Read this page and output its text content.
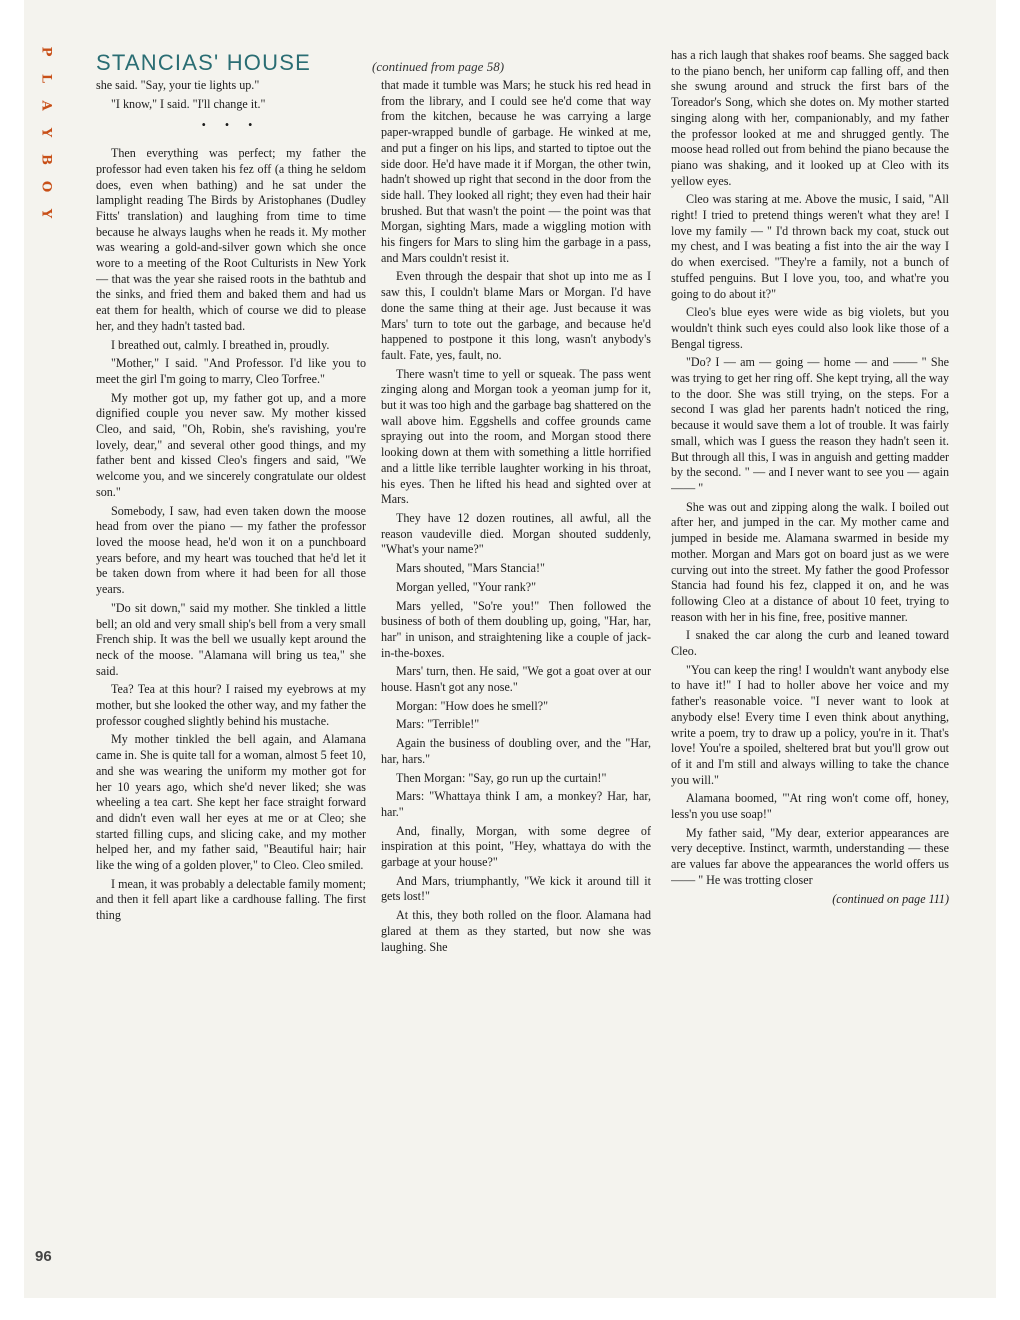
P
L
A
Y
B
O
Y
96
STANCIAS' HOUSE	(continued from page 58)

she said. "Say, your tie lights up."

"I know," I said. "I'll change it."

• • •

Then everything was perfect; my father the professor had even taken his fez off (a thing he seldom does, even when bathing) and he sat under the lamplight reading The Birds by Aristophanes (Dudley Fitts' translation) and laughing from time to time because he always laughs when he reads it. My mother was wearing a gold-and-silver gown which she once wore to a meeting of the Root Culturists in New York — that was the year she raised roots in the bathtub and the sinks, and fried them and baked them and had us eat them for health, which of course we did to please her, and they hadn't tasted bad.

I breathed out, calmly. I breathed in, proudly.

"Mother," I said. "And Professor. I'd like you to meet the girl I'm going to marry, Cleo Torfree."

My mother got up, my father got up, and a more dignified couple you never saw. My mother kissed Cleo, and said, "Oh, Robin, she's ravishing, you're lovely, dear," and several other good things, and my father bent and kissed Cleo's fingers and said, "We welcome you, and we sincerely congratulate our oldest son."

Somebody, I saw, had even taken down the moose head from over the piano — my father the professor loved the moose head, he'd won it on a punchboard years before, and my heart was touched that he'd let it be taken down from where it had been for all those years.

"Do sit down," said my mother. She tinkled a little bell; an old and very small ship's bell from a very small French ship. It was the bell we usually kept around the neck of the moose. "Alamana will bring us tea," she said.

Tea? Tea at this hour? I raised my eyebrows at my mother, but she looked the other way, and my father the professor coughed slightly behind his mustache.

My mother tinkled the bell again, and Alamana came in. She is quite tall for a woman, almost 5 feet 10, and she was wearing the uniform my mother got for her 10 years ago, which she'd never liked; she was wheeling a tea cart. She kept her face straight forward and didn't even wall her eyes at me or at Cleo; she started filling cups, and slicing cake, and my mother helped her, and my father said, "Beautiful hair; hair like the wing of a golden plover," to Cleo. Cleo smiled.

I mean, it was probably a delectable family moment; and then it fell apart like a cardhouse falling. The first thing

that made it tumble was Mars; he stuck his red head in from the library, and I could see he'd come that way from the kitchen, because he was carrying a large paper-wrapped bundle of garbage. He winked at me, and put a finger on his lips, and started to tiptoe out the side door. He'd have made it if Morgan, the other twin, hadn't showed up right that second in the door from the side hall. They looked all right; they even had their hair brushed. But that wasn't the point — the point was that Morgan, sighting Mars, made a wiggling motion with his fingers for Mars to sling him the garbage in a pass, and Mars couldn't resist it.

Even through the despair that shot up into me as I saw this, I couldn't blame Mars or Morgan. I'd have done the same thing at their age. Just because it was Mars' turn to tote out the garbage, and because he'd happened to postpone it this long, wasn't anybody's fault. Fate, yes, fault, no.

There wasn't time to yell or squeak. The pass went zinging along and Morgan took a yeoman jump for it, but it was too high and the garbage bag shattered on the wall above him. Eggshells and coffee grounds came spraying out into the room, and Morgan stood there looking down at them with something a little horrified and a little like terrible laughter working in his throat, his eyes. Then he lifted his head and sighted over at Mars.

They have 12 dozen routines, all awful, all the reason vaudeville died. Morgan shouted suddenly, "What's your name?"

Mars shouted, "Mars Stancia!"

Morgan yelled, "Your rank?"

Mars yelled, "So're you!" Then followed the business of both of them doubling up, going, "Har, har, har" in unison, and straightening like a couple of jack-in-the-boxes.

Mars' turn, then. He said, "We got a goat over at our house. Hasn't got any nose."

Morgan: "How does he smell?"

Mars: "Terrible!"

Again the business of doubling over, and the "Har, har, hars."

Then Morgan: "Say, go run up the curtain!"

Mars: "Whattaya think I am, a monkey? Har, har, har."

And, finally, Morgan, with some degree of inspiration at this point, "Hey, whattaya do with the garbage at your house?"

And Mars, triumphantly, "We kick it around till it gets lost!"

At this, they both rolled on the floor. Alamana had glared at them as they started, but now she was laughing. She

has a rich laugh that shakes roof beams. She sagged back to the piano bench, her uniform cap falling off, and then she swung around and struck the first bars of the Toreador's Song, which she dotes on. My mother started singing along with her, companionably, and my father the professor looked at me and shrugged gently. The moose head rolled out from behind the piano because the piano was shaking, and it looked up at Cleo with its yellow eyes.

Cleo was staring at me. Above the music, I said, "All right! I tried to pretend things weren't what they are! I love my family — " I'd thrown back my coat, stuck out my chest, and I was beating a fist into the air the way I do when exercised. "They're a family, not a bunch of stuffed penguins. But I love you, too, and what're you going to do about it?"

Cleo's blue eyes were wide as big violets, but you wouldn't think such eyes could also look like those of a Bengal tigress.

"Do? I — am — going — home — and —— " She was trying to get her ring off. She kept trying, all the way to the door. She was still trying, on the steps. For a second I was glad her parents hadn't noticed the ring, because it would save them a lot of trouble. It was fairly small, which was I guess the reason they hadn't seen it. But through all this, I was in anguish and getting madder by the second. " — and I never want to see you — again —— "

She was out and zipping along the walk. I boiled out after her, and jumped in the car. My mother came and jumped in beside me. Alamana swarmed in beside my mother. Morgan and Mars got on board just as we were curving out into the street. My father the good Professor Stancia had found his fez, clapped it on, and he was following Cleo at a distance of about 10 feet, trying to reason with her in his fine, free, positive manner.

I snaked the car along the curb and leaned toward Cleo.

"You can keep the ring! I wouldn't want anybody else to have it!" I had to holler above her voice and my father's reasonable voice. "I never want to look at anybody else! Every time I even think about anything, write a poem, try to draw up a policy, you're in it. That's love! You're a spoiled, sheltered brat but you'll grow out of it and I'm still and always willing to take the chance you will."

Alamana boomed, "'At ring won't come off, honey, less'n you use soap!"

My father said, "My dear, exterior appearances are very deceptive. Instinct, warmth, understanding — these are values far above the appearances the world offers us —— " He was trotting closer

(continued on page 111)
